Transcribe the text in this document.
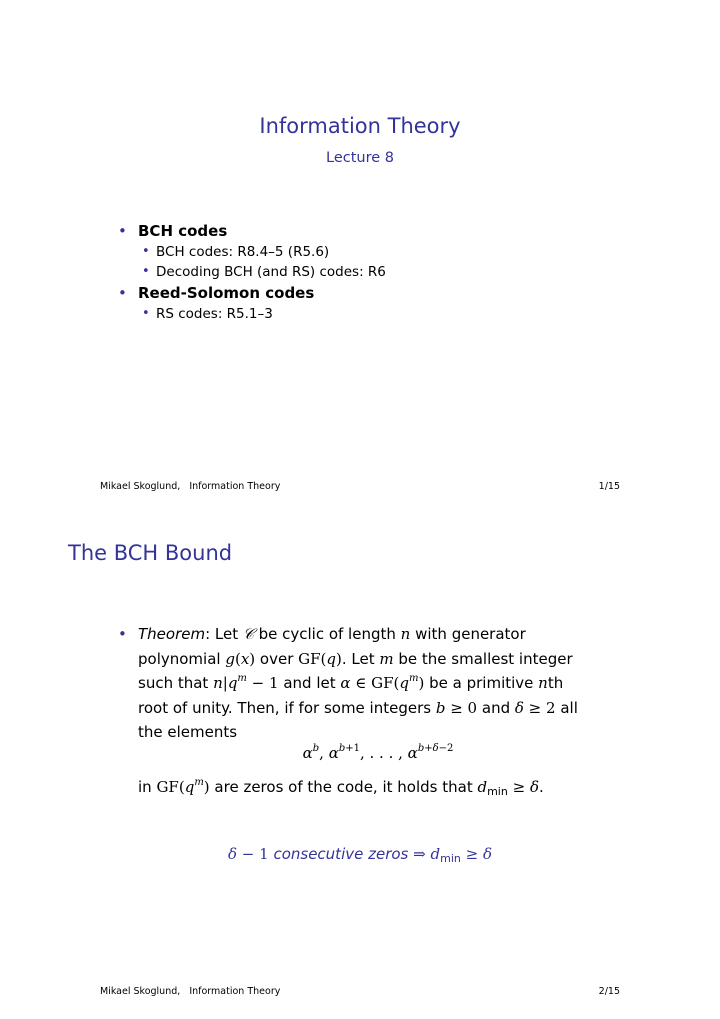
Information Theory
Lecture 8
• BCH codes
• BCH codes: R8.4–5 (R5.6)
• Decoding BCH (and RS) codes: R6
• Reed-Solomon codes
• RS codes: R5.1–3
Mikael Skoglund, Information Theory	1/15
The BCH Bound
• Theorem: Let 𝒞 be cyclic of length n with generator
polynomial g(x) over GF(q). Let m be the smallest integer
such that $n|q^m - 1$ and let α ∈ $GF(q^m)$ be a primitive nth
root of unity. Then, if for some integers b ≥ 0 and δ ≥ 2 all
the elements
$\alpha^b$, $\alpha^{b+1}$, . . . , $\alpha^{b+\delta-2}$
in $GF(q^m)$ are zeros of the code, it holds that $d_{min} \ge \delta$.
δ − 1 consecutive zeros ⇒ $d_{min} \ge \delta$
Mikael Skoglund, Information Theory	2/15
